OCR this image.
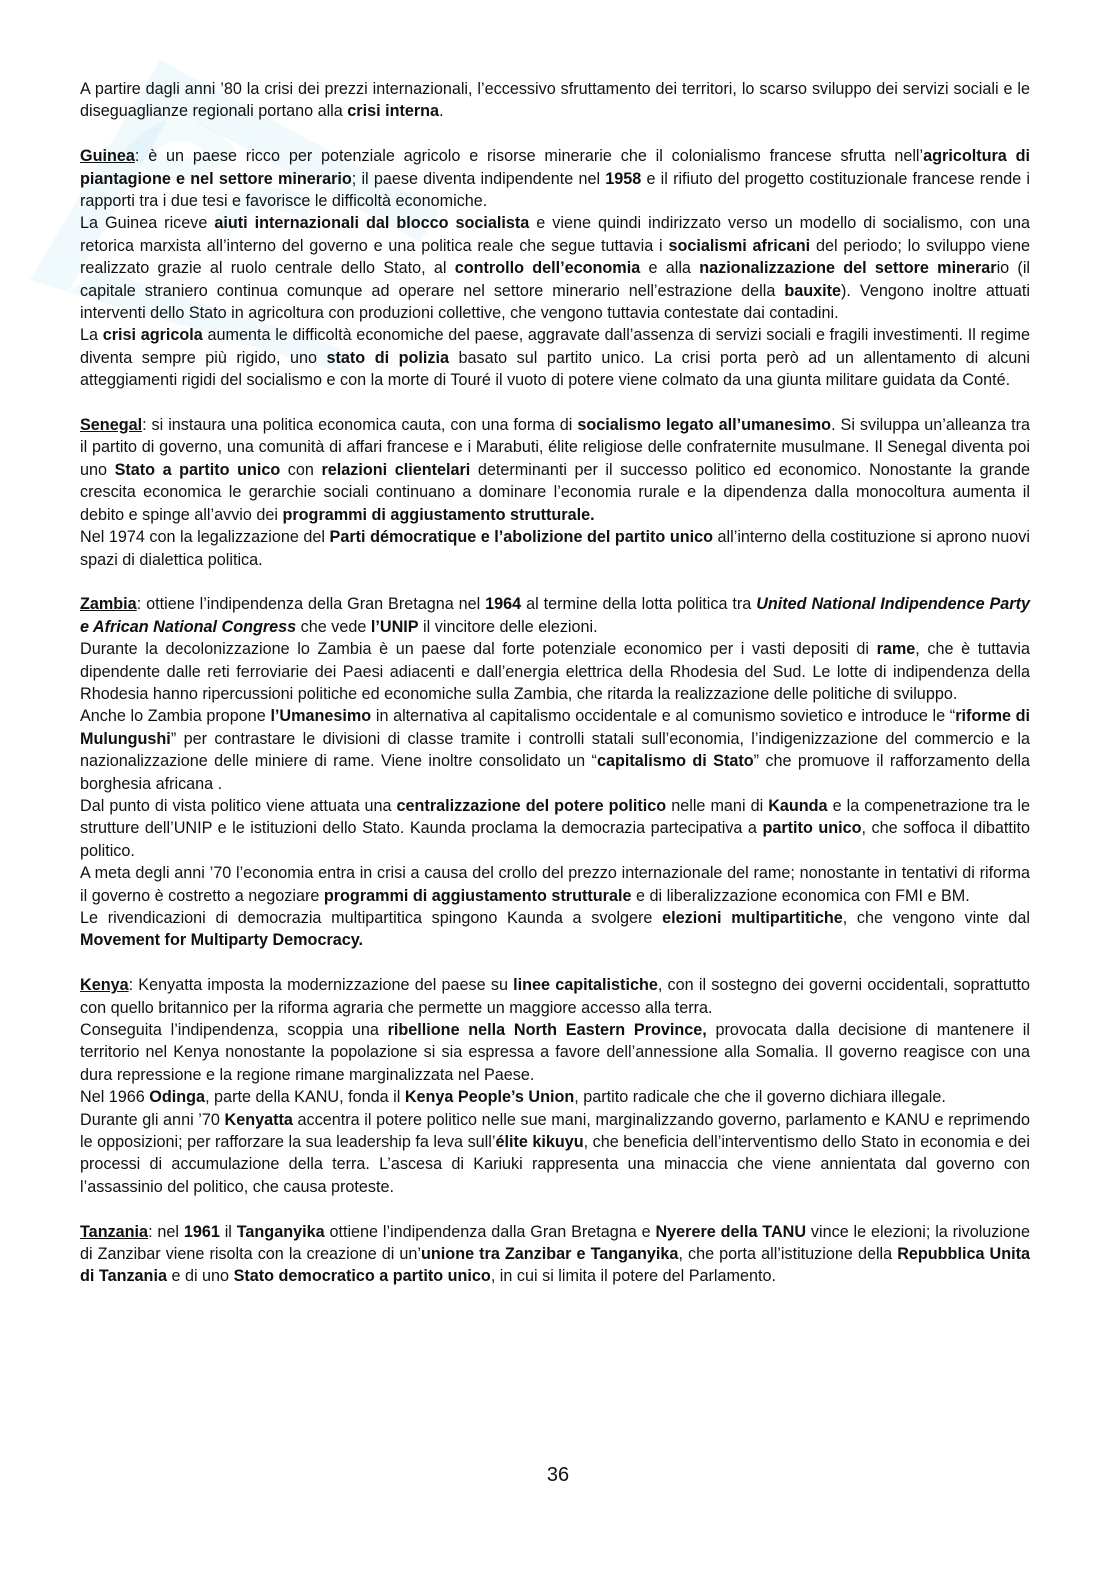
A partire dagli anni ’80 la crisi dei prezzi internazionali, l’eccessivo sfruttamento dei territori, lo scarso sviluppo dei servizi sociali e le diseguaglianze regionali portano alla crisi interna.

Guinea: è un paese ricco per potenziale agricolo e risorse minerarie che il colonialismo francese sfrutta nell’agricoltura di piantagione e nel settore minerario; il paese diventa indipendente nel 1958 e il rifiuto del progetto costituzionale francese rende i rapporti tra i due tesi e favorisce le difficoltà economiche.

La Guinea riceve aiuti internazionali dal blocco socialista e viene quindi indirizzato verso un modello di socialismo, con una retorica marxista all’interno del governo e una politica reale che segue tuttavia i socialismi africani del periodo; lo sviluppo viene realizzato grazie al ruolo centrale dello Stato, al controllo dell’economia e alla nazionalizzazione del settore minerario (il capitale straniero continua comunque ad operare nel settore minerario nell’estrazione della bauxite). Vengono inoltre attuati interventi dello Stato in agricoltura con produzioni collettive, che vengono tuttavia contestate dai contadini.

La crisi agricola aumenta le difficoltà economiche del paese, aggravate dall’assenza di servizi sociali e fragili investimenti. Il regime diventa sempre più rigido, uno stato di polizia basato sul partito unico. La crisi porta però ad un allentamento di alcuni atteggiamenti rigidi del socialismo e con la morte di Touré il vuoto di potere viene colmato da una giunta militare guidata da Conté.

Senegal: si instaura una politica economica cauta, con una forma di socialismo legato all’umanesimo. Si sviluppa un’alleanza tra il partito di governo, una comunità di affari francese e i Marabuti, élite religiose delle confraternite musulmane. Il Senegal diventa poi uno Stato a partito unico con relazioni clientelari determinanti per il successo politico ed economico. Nonostante la grande crescita economica le gerarchie sociali continuano a dominare l’economia rurale e la dipendenza dalla monocoltura aumenta il debito e spinge all’avvio dei programmi di aggiustamento strutturale.

Nel 1974 con la legalizzazione del Parti démocratique e l’abolizione del partito unico all’interno della costituzione si aprono nuovi spazi di dialettica politica.

Zambia: ottiene l’indipendenza della Gran Bretagna nel 1964 al termine della lotta politica tra United National Indipendence Party e African National Congress che vede l’UNIP il vincitore delle elezioni.

Durante la decolonizzazione lo Zambia è un paese dal forte potenziale economico per i vasti depositi di rame, che è tuttavia dipendente dalle reti ferroviarie dei Paesi adiacenti e dall’energia elettrica della Rhodesia del Sud. Le lotte di indipendenza della Rhodesia hanno ripercussioni politiche ed economiche sulla Zambia, che ritarda la realizzazione delle politiche di sviluppo.

Anche lo Zambia propone l’Umanesimo in alternativa al capitalismo occidentale e al comunismo sovietico e introduce le “riforme di Mulungushi” per contrastare le divisioni di classe tramite i controlli statali sull’economia, l’indigenizzazione del commercio e la nazionalizzazione delle miniere di rame. Viene inoltre consolidato un “capitalismo di Stato” che promuove il rafforzamento della borghesia africana .

Dal punto di vista politico viene attuata una centralizzazione del potere politico nelle mani di Kaunda e la compenetrazione tra le strutture dell’UNIP e le istituzioni dello Stato. Kaunda proclama la democrazia partecipativa a partito unico, che soffoca il dibattito politico.

A meta degli anni ’70 l’economia entra in crisi a causa del crollo del prezzo internazionale del rame; nonostante in tentativi di riforma il governo è costretto a negoziare programmi di aggiustamento strutturale e di liberalizzazione economica con FMI e BM.

Le rivendicazioni di democrazia multipartitica spingono Kaunda a svolgere elezioni multipartitiche, che vengono vinte dal Movement for Multiparty Democracy.

Kenya: Kenyatta imposta la modernizzazione del paese su linee capitalistiche, con il sostegno dei governi occidentali, soprattutto con quello britannico per la riforma agraria che permette un maggiore accesso alla terra.

Conseguita l’indipendenza, scoppia una ribellione nella North Eastern Province, provocata dalla decisione di mantenere il territorio nel Kenya nonostante la popolazione si sia espressa a favore dell’annessione alla Somalia. Il governo reagisce con una dura repressione e la regione rimane marginalizzata nel Paese.

Nel 1966 Odinga, parte della KANU, fonda il Kenya People’s Union, partito radicale che che il governo dichiara illegale.

Durante gli anni ’70 Kenyatta accentra il potere politico nelle sue mani, marginalizzando governo, parlamento e KANU e reprimendo le opposizioni; per rafforzare la sua leadership fa leva sull’élite kikuyu, che beneficia dell’interventismo dello Stato in economia e dei processi di accumulazione della terra. L’ascesa di Kariuki rappresenta una minaccia che viene annientata dal governo con l’assassinio del politico, che causa proteste.

Tanzania: nel 1961 il Tanganyika ottiene l’indipendenza dalla Gran Bretagna e Nyerere della TANU vince le elezioni; la rivoluzione di Zanzibar viene risolta con la creazione di un’unione tra Zanzibar e Tanganyika, che porta all’istituzione della Repubblica Unita di Tanzania e di uno Stato democratico a partito unico, in cui si limita il potere del Parlamento.

36
